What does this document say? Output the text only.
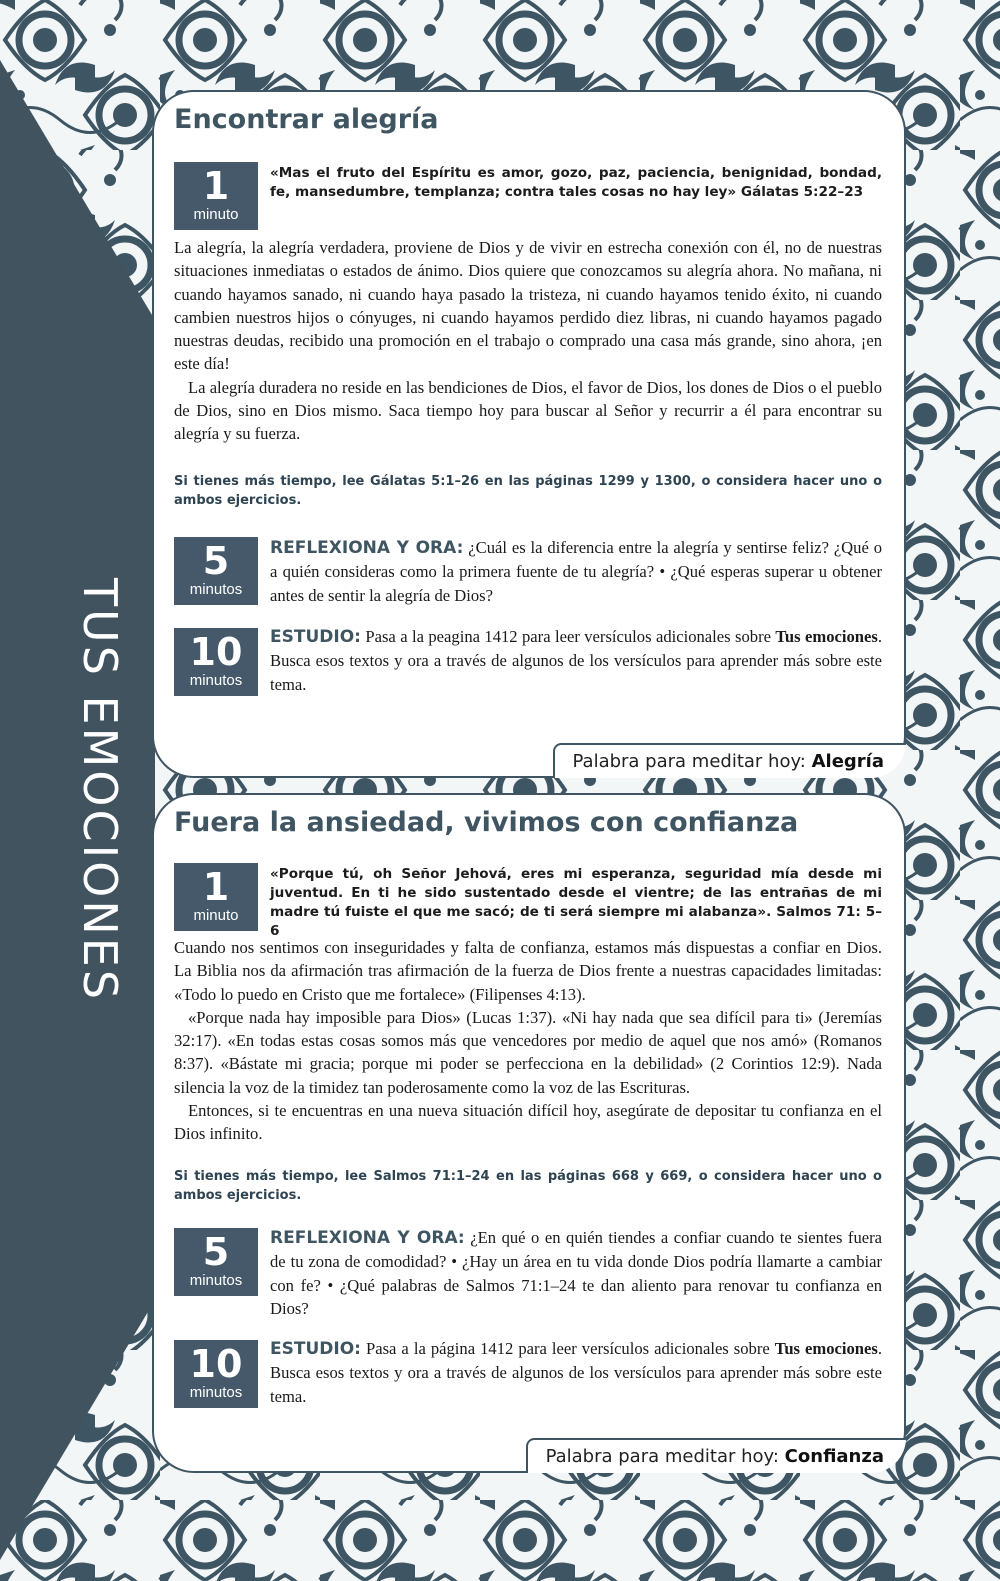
TUS EMOCIONES
Encontrar alegría
1
minuto

«Mas el fruto del Espíritu es amor, gozo, paz, paciencia, benignidad, bondad, fe, mansedumbre, templanza; contra tales cosas no hay ley» Gálatas 5:22–23

La alegría, la alegría verdadera, proviene de Dios y de vivir en estrecha conexión con él, no de nuestras situaciones inmediatas o estados de ánimo. Dios quiere que conozcamos su alegría ahora. No mañana, ni cuando hayamos sanado, ni cuando haya pasado la tristeza, ni cuando hayamos tenido éxito, ni cuando cambien nuestros hijos o cónyuges, ni cuando hayamos perdido diez libras, ni cuando hayamos pagado nuestras deudas, recibido una promoción en el trabajo o comprado una casa más grande, sino ahora, ¡en este día!

La alegría duradera no reside en las bendiciones de Dios, el favor de Dios, los dones de Dios o el pueblo de Dios, sino en Dios mismo. Saca tiempo hoy para buscar al Señor y recurrir a él para encontrar su alegría y su fuerza.

Si tienes más tiempo, lee Gálatas 5:1–26 en las páginas 1299 y 1300, o considera hacer uno o ambos ejercicios.

5
minutos

REFLEXIONA Y ORA: ¿Cuál es la diferencia entre la alegría y sentirse feliz? ¿Qué o a quién consideras como la primera fuente de tu alegría? • ¿Qué esperas superar u obtener antes de sentir la alegría de Dios?

10
minutos

ESTUDIO: Pasa a la peagina 1412 para leer versículos adicionales sobre Tus emociones. Busca esos textos y ora a través de algunos de los versículos para aprender más sobre este tema.

Palabra para meditar hoy: Alegría
Fuera la ansiedad, vivimos con confianza
1
minuto

«Porque tú, oh Señor Jehová, eres mi esperanza, seguridad mía desde mi juventud. En ti he sido sustentado desde el vientre; de las entrañas de mi madre tú fuiste el que me sacó; de ti será siempre mi alabanza». Salmos 71: 5–6

Cuando nos sentimos con inseguridades y falta de confianza, estamos más dispuestas a confiar en Dios. La Biblia nos da afirmación tras afirmación de la fuerza de Dios frente a nuestras capacidades limitadas: «Todo lo puedo en Cristo que me fortalece» (Filipenses 4:13).

«Porque nada hay imposible para Dios» (Lucas 1:37). «Ni hay nada que sea difícil para ti» (Jeremías 32:17). «En todas estas cosas somos más que vencedores por medio de aquel que nos amó» (Romanos 8:37). «Bástate mi gracia; porque mi poder se perfecciona en la debilidad» (2 Corintios 12:9). Nada silencia la voz de la timidez tan poderosamente como la voz de las Escrituras.

Entonces, si te encuentras en una nueva situación difícil hoy, asegúrate de depositar tu confianza en el Dios infinito.

Si tienes más tiempo, lee Salmos 71:1–24 en las páginas 668 y 669, o considera hacer uno o ambos ejercicios.

5
minutos

REFLEXIONA Y ORA: ¿En qué o en quién tiendes a confiar cuando te sientes fuera de tu zona de comodidad? • ¿Hay un área en tu vida donde Dios podría llamarte a cambiar con fe? • ¿Qué palabras de Salmos 71:1–24 te dan aliento para renovar tu confianza en Dios?

10
minutos

ESTUDIO: Pasa a la página 1412 para leer versículos adicionales sobre Tus emociones. Busca esos textos y ora a través de algunos de los versículos para aprender más sobre este tema.

Palabra para meditar hoy: Confianza
